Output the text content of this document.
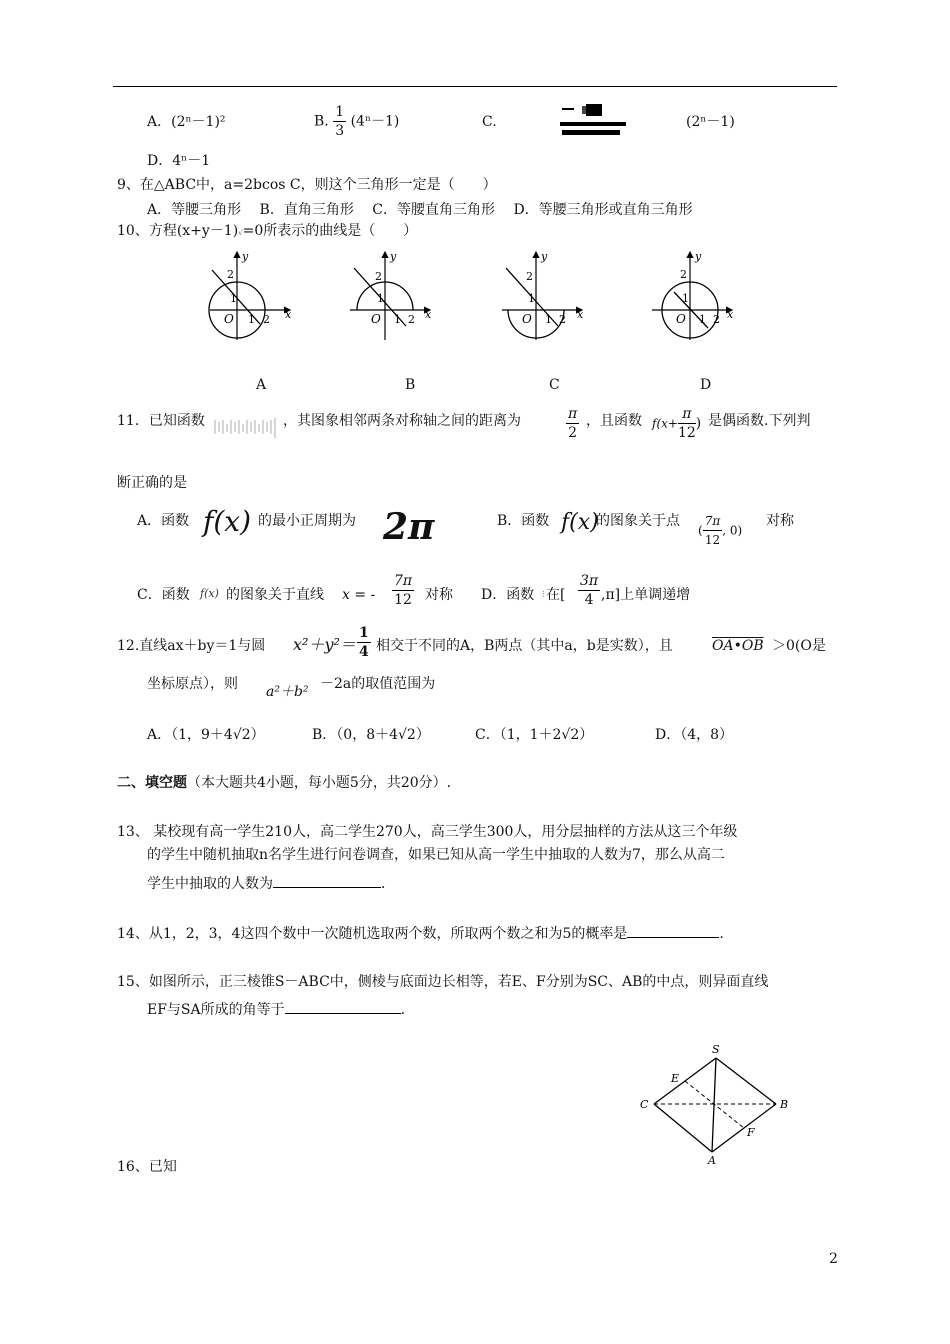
A．(2ⁿ－1)²	B. $\frac{1}{3} (4^n-1)$	C.	(2ⁿ－1)
D．4ⁿ－1
9、在△ABC中，a=2bcos C，则这个三角形一定是（　　）
A．等腰三角形　 B．直角三角形　 C．等腰直角三角形　 D．等腰三角形或直角三角形
10、方程(x+y－1)√=0所表示的曲线是（　　）
y
x
2
1
O 1 2
y
x
2
1
O 1 2
y
x
2
1
O 1 2
y
x
2
1
O 1 2
A	B	C	D
11．已知函数	，其图象相邻两条对称轴之间的距离为	$\frac{\pi}{2}$ ，且函数 $f(x+ \frac{\pi}{12}$ ) 是偶函数.下列判
断正确的是
A．函数 f(x) 的最小正周期为 2π	B．函数 f(x)
的图象关于点
( $\frac{7\pi}{12}$ , 0)
对称
C．函数 f(x) 的图象关于直线 x = - $\frac{7\pi}{12}$ 对称 D．函数 ⋮ 在[ $\frac{3\pi}{4} ,\pi$]上单调递增
12.直线ax＋by＝1与圆 $x^2+y^2= \frac{1}{4}$ 相交于不同的A，B两点（其中a，b是实数），且	OA•OB ＞0(O是
坐标原点），则 a²＋b² －2a的取值范围为
A．（1，9＋4√2）	B．（0，8＋4√2）	C．（1，1＋2√2）	D．（4，8）
二、填空题（本大题共4小题，每小题5分，共20分）.
13、 某校现有高一学生210人，高二学生270人，高三学生300人，用分层抽样的方法从这三个年级
的学生中随机抽取n名学生进行问卷调查，如果已知从高一学生中抽取的人数为7，那么从高二
学生中抽取的人数为	.
14、从1，2，3，4这四个数中一次随机选取两个数，所取两个数之和为5的概率是	.
15、如图所示，正三棱锥S－ABC中，侧棱与底面边长相等，若E、F分别为SC、AB的中点，则异面直线
EF与SA所成的角等于	.
S
E
C	B
F
A
16、已知
2
